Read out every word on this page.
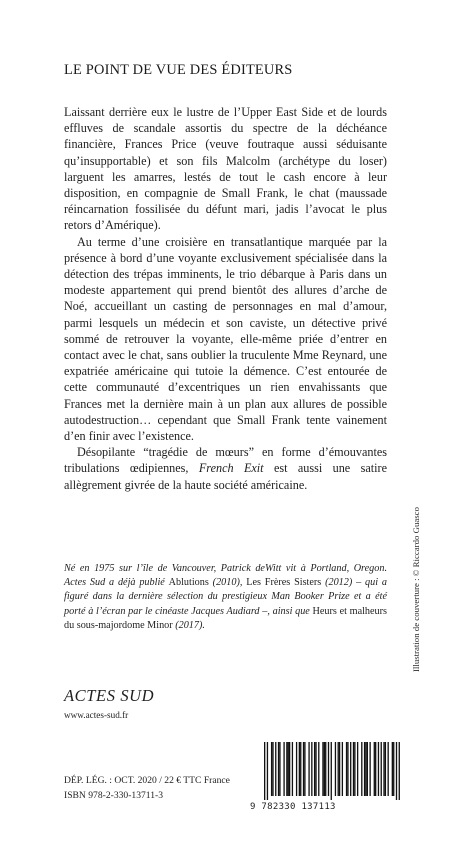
LE POINT DE VUE DES ÉDITEURS

Laissant derrière eux le lustre de l’Upper East Side et de lourds effluves de scandale assortis du spectre de la déchéance financière, Frances Price (veuve foutraque aussi séduisante qu’insupportable) et son fils Malcolm (archétype du loser) larguent les amarres, lestés de tout le cash encore à leur disposition, en compagnie de Small Frank, le chat (maussade réincarnation fossilisée du défunt mari, jadis l’avocat le plus retors d’Amérique).

Au terme d’une croisière en transatlantique marquée par la présence à bord d’une voyante exclusivement spécialisée dans la détection des trépas imminents, le trio débarque à Paris dans un modeste appartement qui prend bientôt des allures d’arche de Noé, accueillant un casting de personnages en mal d’amour, parmi lesquels un médecin et son caviste, un détective privé sommé de retrouver la voyante, elle-même priée d’entrer en contact avec le chat, sans oublier la truculente Mme Reynard, une expatriée américaine qui tutoie la démence. C’est entourée de cette communauté d’excentriques un rien envahissants que Frances met la dernière main à un plan aux allures de possible autodestruction… cependant que Small Frank tente vainement d’en finir avec l’existence.

Désopilante “tragédie de mœurs” en forme d’émouvantes tribulations œdipiennes, French Exit est aussi une satire allègrement givrée de la haute société américaine.

Né en 1975 sur l’île de Vancouver, Patrick deWitt vit à Portland, Oregon. Actes Sud a déjà publié Ablutions (2010), Les Frères Sisters (2012) – qui a figuré dans la dernière sélection du prestigieux Man Booker Prize et a été porté à l’écran par le cinéaste Jacques Audiard –, ainsi que Heurs et malheurs du sous-majordome Minor (2017).

ACTES SUD
www.actes-sud.fr
DÉP. LÉG. : OCT. 2020 / 22 € TTC France
ISBN 978-2-330-13711-3
9 782330 137113
Illustration de couverture : © Riccardo Guasco
